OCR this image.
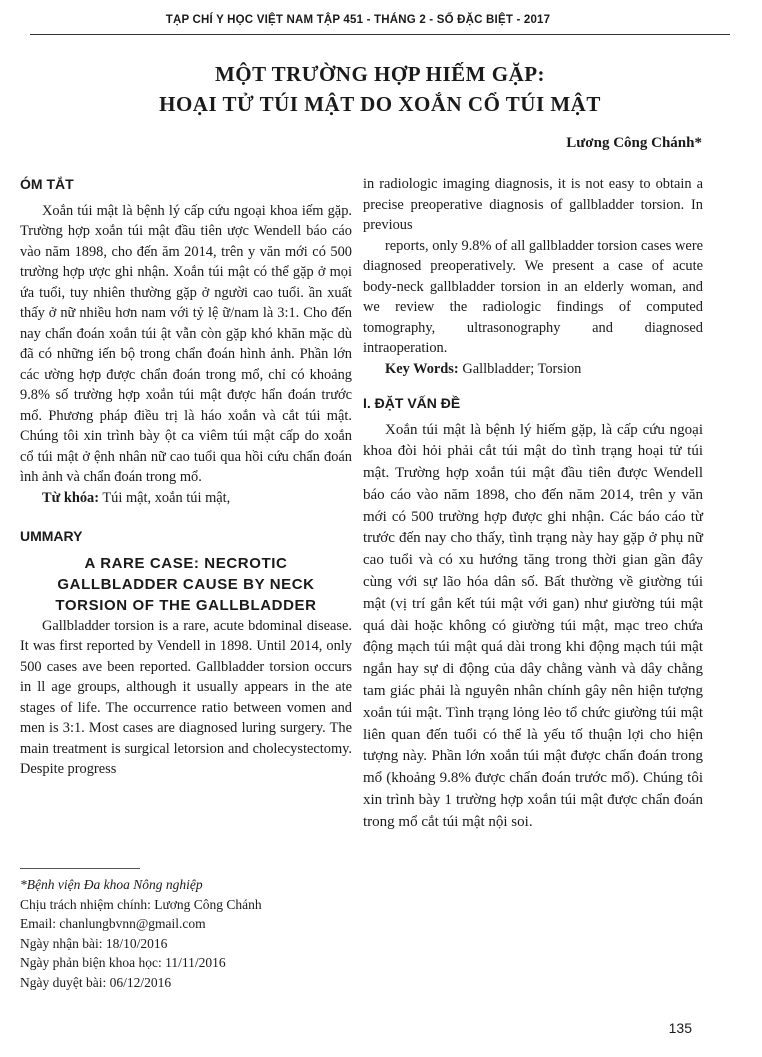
TẠP CHÍ Y HỌC VIỆT NAM TẬP 451 - THÁNG 2 - SỐ ĐẶC BIỆT - 2017
MỘT TRƯỜNG HỢP HIẾM GẶP:
HOẠI TỬ TÚI MẬT DO XOẮN CỔ TÚI MẬT
Lương Công Chánh*
ÓM TẮT

Xoắn túi mật là bệnh lý cấp cứu ngoại khoa iếm gặp. Trường hợp xoắn túi mật đầu tiên ược Wendell báo cáo vào năm 1898, cho đến ăm 2014, trên y văn mới có 500 trường hợp ược ghi nhận. Xoắn túi mật có thể gặp ở mọi ứa tuổi, tuy nhiên thường gặp ở người cao tuổi. ần xuất thấy ở nữ nhiều hơn nam với tỷ lệ ữ/nam là 3:1. Cho đến nay chẩn đoán xoắn túi ật vẫn còn gặp khó khăn mặc dù đã có những iến bộ trong chẩn đoán hình ảnh. Phần lớn các ường hợp được chẩn đoán trong mổ, chỉ có khoảng 9.8% số trường hợp xoắn túi mật được hẩn đoán trước mổ. Phương pháp điều trị là háo xoắn và cắt túi mật. Chúng tôi xin trình bày ột ca viêm túi mật cấp do xoắn cổ túi mật ở ệnh nhân nữ cao tuổi qua hồi cứu chẩn đoán ình ảnh và chẩn đoán trong mổ.

Từ khóa: Túi mật, xoắn túi mật,

UMMARY
A RARE CASE: NECROTIC
GALLBLADDER CAUSE BY NECK
TORSION OF THE GALLBLADDER

Gallbladder torsion is a rare, acute bdominal disease. It was first reported by Vendell in 1898. Until 2014, only 500 cases ave been reported. Gallbladder torsion occurs in ll age groups, although it usually appears in the ate stages of life. The occurrence ratio between vomen and men is 3:1. Most cases are diagnosed luring surgery. The main treatment is surgical letorsion and cholecystectomy. Despite progress

in radiologic imaging diagnosis, it is not easy to obtain a precise preoperative diagnosis of gallbladder torsion. In previous

reports, only 9.8% of all gallbladder torsion cases were diagnosed preoperatively. We present a case of acute body-neck gallbladder torsion in an elderly woman, and we review the radiologic findings of computed tomography, ultrasonography and diagnosed intraoperation.

Key Words: Gallbladder; Torsion

I. ĐẶT VẤN ĐỀ

Xoắn túi mật là bệnh lý hiếm gặp, là cấp cứu ngoại khoa đòi hỏi phải cắt túi mật do tình trạng hoại tử túi mật. Trường hợp xoắn túi mật đầu tiên được Wendell báo cáo vào năm 1898, cho đến năm 2014, trên y văn mới có 500 trường hợp được ghi nhận. Các báo cáo từ trước đến nay cho thấy, tình trạng này hay gặp ở phụ nữ cao tuổi và có xu hướng tăng trong thời gian gần đây cùng với sự lão hóa dân số. Bất thường về giường túi mật (vị trí gắn kết túi mật với gan) như giường túi mật quá dài hoặc không có giường túi mật, mạc treo chứa động mạch túi mật quá dài trong khi động mạch túi mật ngắn hay sự di động của dây chằng vành và dây chằng tam giác phải là nguyên nhân chính gây nên hiện tượng xoắn túi mật. Tình trạng lỏng lẻo tổ chức giường túi mật liên quan đến tuổi có thể là yếu tố thuận lợi cho hiện tượng này. Phần lớn xoắn túi mật được chẩn đoán trong mổ (khoảng 9.8% được chẩn đoán trước mổ). Chúng tôi xin trình bày 1 trường hợp xoắn túi mật được chẩn đoán trong mổ cắt túi mật nội soi.

*Bệnh viện Đa khoa Nông nghiệp
Chịu trách nhiệm chính: Lương Công Chánh
Email: chanlungbvnn@gmail.com
Ngày nhận bài: 18/10/2016
Ngày phản biện khoa học: 11/11/2016
Ngày duyệt bài: 06/12/2016
135
